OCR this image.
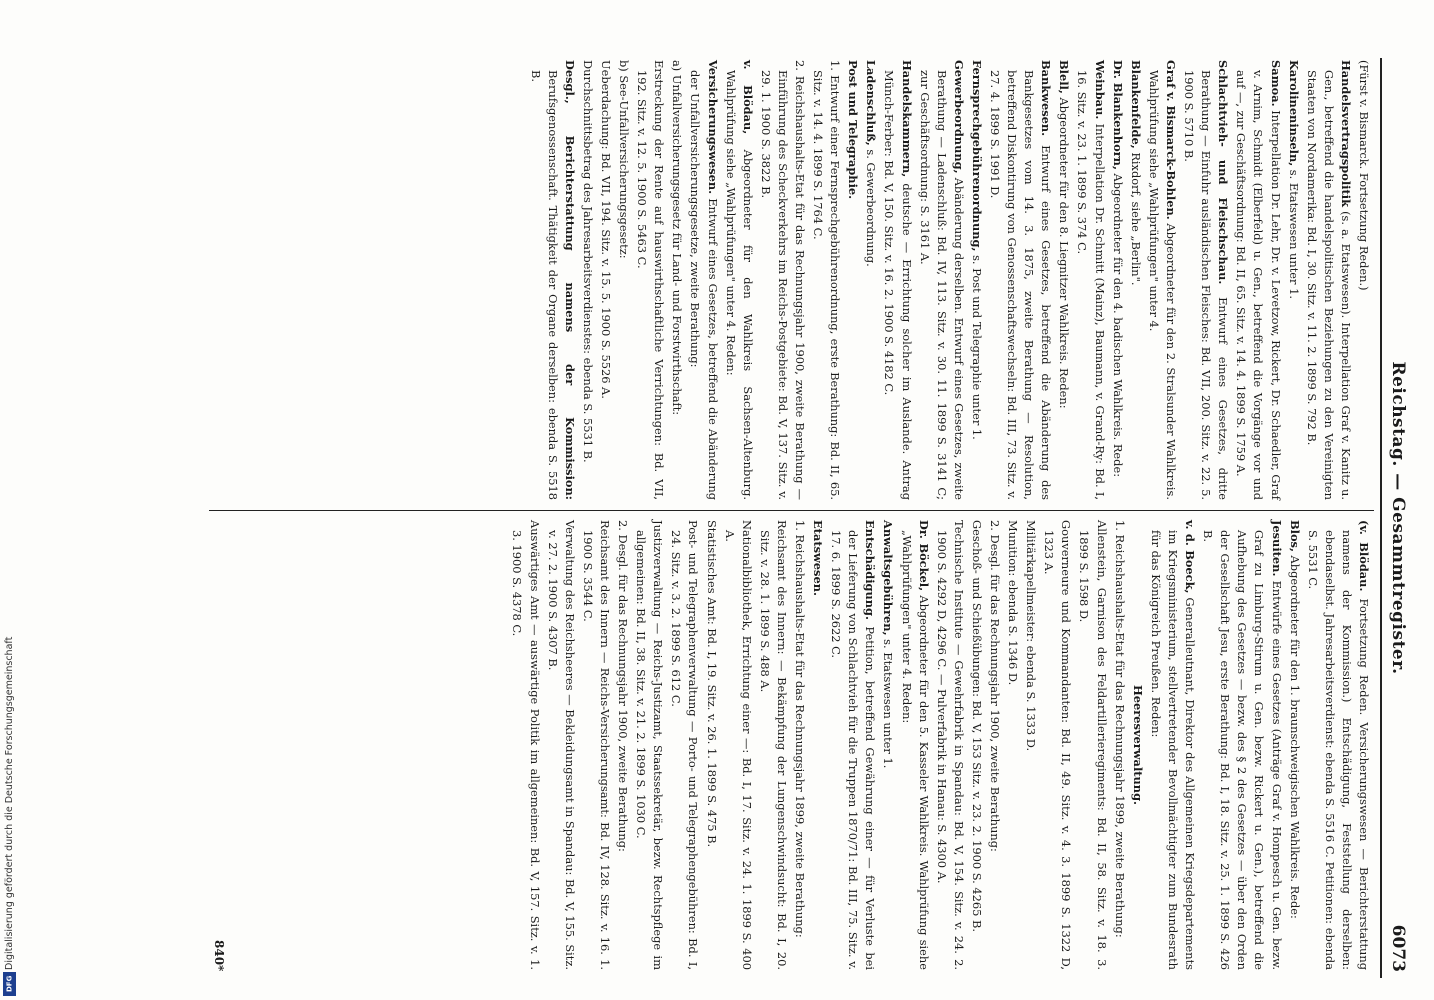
Reichstag. — Gesammtregister.
6073
(Fürst v. Bismarck. Fortsetzung Reden.)
Handelsvertragspolitik (s. a. Etatswesen). Interpellation Graf v. Kanitz u. Gen., betreffend die handelspolitischen Beziehungen zu den Vereinigten Staaten von Nordamerika: Bd. I, 30. Sitz. v. 11. 2. 1899 S. 792 B.
Karolineninseln, s. Etatswesen unter 1.
Samoa. Interpellation Dr. Lehr, Dr. v. Levetzow, Rickert, Dr. Schaedler, Graf v. Arnim, Schmidt (Elberfeld) u. Gen., betreffend die Vorgänge vor und auf —, zur Geschäftsordnung: Bd. II, 65. Sitz. v. 14. 4. 1899 S. 1759 A.
Schlachtvieh- und Fleischschau. Entwurf eines Gesetzes, dritte Berathung — Einfuhr ausländischen Fleisches: Bd. VII, 200. Sitz. v. 22. 5. 1900 S. 5710 B.
Graf v. Bismarck-Bohlen. Abgeordneter für den 2. Stralsunder Wahlkreis. Wahlprüfung siehe „Wahlprüfungen" unter 4.
Blankenfelde, Rixdorf, siehe „Berlin".
Dr. Blankenhorn, Abgeordneter für den 4. badischen Wahlkreis. Rede:
Weinbau. Interpellation Dr. Schmitt (Mainz), Baumann, v. Grand-Ry: Bd. I, 16. Sitz. v. 23. 1. 1899 S. 374 C.
Blell, Abgeordneter für den 8. Liegnitzer Wahlkreis. Reden:
Bankwesen. Entwurf eines Gesetzes, betreffend die Abänderung des Bankgesetzes vom 14. 3. 1875, zweite Berathung — Resolution, betreffend Diskontirung von Genossenschaftswechseln: Bd. III, 73. Sitz. v. 27. 4. 1899 S. 1991 D.
Fernsprechgebührenordnung, s. Post und Telegraphie unter 1.
Gewerbeordnung, Abänderung derselben. Entwurf eines Gesetzes, zweite Berathung — Ladenschluß: Bd. IV, 113. Sitz. v. 30. 11. 1899 S. 3141 C; zur Geschäftsordnung: S. 3161 A.
Handelskammern, deutsche — Errichtung solcher im Auslande. Antrag Münch-Ferber: Bd. V, 150. Sitz. v. 16. 2. 1900 S. 4182 C.
Ladenschluß, s. Gewerbeordnung.
Post und Telegraphie.
1. Entwurf einer Fernsprechgebührenordnung, erste Berathung: Bd. II, 65. Sitz. v. 14. 4. 1899 S. 1764 C.
2. Reichshaushalts-Etat für das Rechnungsjahr 1900, zweite Berathung — Einführung des Scheckverkehrs im Reichs-Postgebiete: Bd. V, 137. Sitz. v. 29. 1. 1900 S. 3822 B.
v. Blödau, Abgeordneter für den Wahlkreis Sachsen-Altenburg. Wahlprüfung siehe „Wahlprüfungen" unter 4. Reden:
Versicherungswesen. Entwurf eines Gesetzes, betreffend die Abänderung der Unfallversicherungsgesetze, zweite Berathung:
a) Unfallversicherungsgesetz für Land- und Forstwirthschaft:
Erstreckung der Rente auf hauswirthschaftliche Verrichtungen: Bd. VII, 192. Sitz. v. 12. 5. 1900 S. 5463 C.
b) See-Unfallversicherungsgesetz:
Ueberdachung: Bd. VII, 194. Sitz. v. 15. 5. 1900 S. 5526 A.
Durchschnittsbetrag des Jahresarbeitsverdienstes: ebenda S. 5531 B.
Desgl., Berichterstattung namens der Kommission: Berufsgenossenschaft. Thätigkeit der Organe derselben: ebenda S. 5518 B.
(v. Blödau. Fortsetzung Reden. Versicherungswesen — Berichterstattung namens der Kommission.) Entschädigung, Feststellung derselben: ebendaselbst. Jahresarbeitsverdienst: ebenda S. 5516 C. Petitionen: ebenda S. 5531 C.
Blos, Abgeordneter für den 1. braunschweigischen Wahlkreis. Rede:
Jesuiten. Entwürfe eines Gesetzes (Anträge Graf v. Hompesch u. Gen. bezw. Graf zu Limburg-Stirum u. Gen. bezw. Rickert u. Gen.), betreffend die Aufhebung des Gesetzes — bezw. des § 2 des Gesetzes — über den Orden der Gesellschaft Jesu, erste Berathung: Bd. I, 18. Sitz. v. 25. 1. 1899 S. 426 B.
v. d. Boeck, Generalleutnant, Direktor des Allgemeinen Kriegsdepartements im Kriegsministerium, stellvertretender Bevollmächtigter zum Bundesrath für das Königreich Preußen. Reden:
Heeresverwaltung.
1. Reichshaushalts-Etat für das Rechnungsjahr 1899, zweite Berathung:
Allenstein, Garnison des Feldartillerieregiments: Bd. II, 58. Sitz. v. 18. 3. 1899 S. 1598 D.
Gouverneure und Kommandanten: Bd. II, 49. Sitz. v. 4. 3. 1899 S. 1322 D, 1323 A.
Militärkapellmeister: ebenda S. 1333 D.
Munition: ebenda S. 1346 D.
2. Desgl. für das Rechnungsjahr 1900, zweite Berathung:
Geschoß- und Schießübungen: Bd. V, 153 Sitz. v. 23. 2. 1900 S. 4265 B.
Technische Institute — Gewehrfabrik in Spandau: Bd. V, 154. Sitz. v. 24. 2. 1900 S. 4292 D, 4296 C. — Pulverfabrik in Hanau: S. 4300 A.
Dr. Böckel, Abgeordneter für den 5. Kasseler Wahlkreis. Wahlprüfung siehe „Wahlprüfungen" unter 4. Reden:
Anwaltsgebühren, s. Etatswesen unter 1.
Entschädigung. Petition, betreffend Gewährung einer — für Verluste bei der Lieferung von Schlachtvieh für die Truppen 1870/71: Bd. III, 75. Sitz. v. 17. 6. 1899 S. 2622 C.
Etatswesen.
1. Reichshaushalts-Etat für das Rechnungsjahr 1899, zweite Berathung:
Reichsamt des Innern: — Bekämpfung der Lungenschwindsucht: Bd. I, 20. Sitz. v. 28. 1. 1899 S. 488 A.
Nationalbibliothek, Errichtung einer —: Bd. I, 17. Sitz. v. 24. 1. 1899 S. 400 A.
Statistisches Amt: Bd. I, 19. Sitz. v. 26. 1. 1899 S. 475 B.
Post- und Telegraphenverwaltung — Porto- und Telegraphengebühren: Bd. I, 24. Sitz. v. 3. 2. 1899 S. 612 C.
Justizverwaltung — Reichs-Justizamt, Staatssekretär, bezw. Rechtspflege im allgemeinen: Bd. II, 38. Sitz. v. 21. 2. 1899 S. 1030 C.
2. Desgl. für das Rechnungsjahr 1900, zweite Berathung:
Reichsamt des Innern — Reichs-Versicherungsamt: Bd. IV, 128. Sitz. v. 16. 1. 1900 S. 3544 C.
Verwaltung des Reichsheeres — Bekleidungsamt in Spandau: Bd. V, 155. Sitz. v. 27. 2. 1900 S. 4307 B.
Auswärtiges Amt — auswärtige Politik im allgemeinen: Bd. V, 157. Sitz. v. 1. 3. 1900 S. 4378 C.
840*
Digitalisierung gefördert durch die Deutsche Forschungsgemeinschaft
DFG
